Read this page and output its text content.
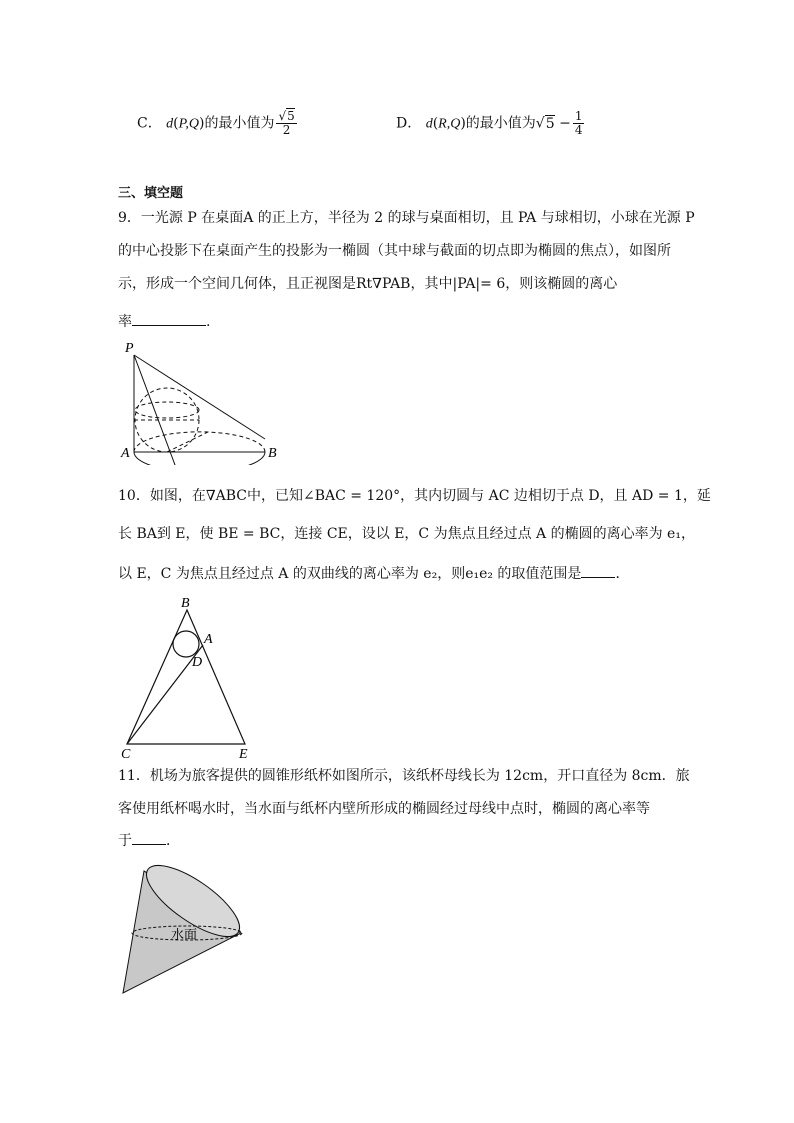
C． d(P,Q)的最小值为 $\frac{√5}{2}$	D． d(R,Q)的最小值为$√5 - \frac{1}{4}$
三、填空题
9．一光源 P 在桌面A 的正上方，半径为 2 的球与桌面相切，且 PA 与球相切，小球在光源 P
的中心投影下在桌面产生的投影为一椭圆（其中球与截面的切点即为椭圆的焦点），如图所
示，形成一个空间几何体，且正视图是Rt∇PAB，其中|PA|= 6，则该椭圆的离心
率	.
P
A	B
10．如图，在∇ABC中，已知∠BAC = 120°，其内切圆与 AC 边相切于点 D，且 AD = 1，延
长 BA到 E，使 BE = BC，连接 CE，设以 E，C 为焦点且经过点 A 的椭圆的离心率为 e₁，
以 E，C 为焦点且经过点 A 的双曲线的离心率为 e₂，则e₁e₂ 的取值范围是 ．
B
A
D
C	E
11．机场为旅客提供的圆锥形纸杯如图所示，该纸杯母线长为 12cm，开口直径为 8cm．旅
客使用纸杯喝水时，当水面与纸杯内壁所形成的椭圆经过母线中点时，椭圆的离心率等
于 ．
水面
